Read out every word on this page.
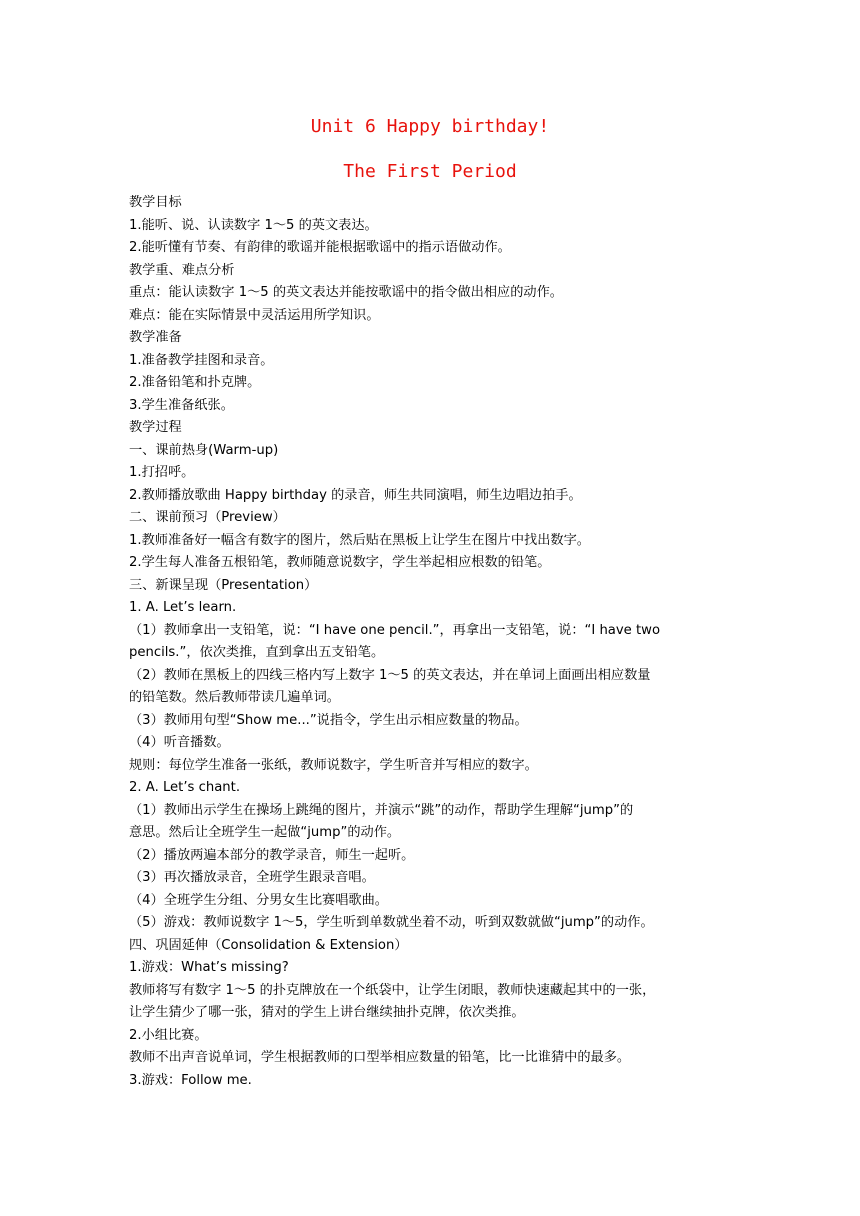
Unit 6 Happy birthday!
The First Period
教学目标
1.能听、说、认读数字 1～5 的英文表达。
2.能听懂有节奏、有韵律的歌谣并能根据歌谣中的指示语做动作。
教学重、难点分析
重点：能认读数字 1～5 的英文表达并能按歌谣中的指令做出相应的动作。
难点：能在实际情景中灵活运用所学知识。
教学准备
1.准备教学挂图和录音。
2.准备铅笔和扑克牌。
3.学生准备纸张。
教学过程
一、课前热身(Warm-up)
1.打招呼。
2.教师播放歌曲 Happy birthday 的录音，师生共同演唱，师生边唱边拍手。
二、课前预习（Preview）
1.教师准备好一幅含有数字的图片，然后贴在黑板上让学生在图片中找出数字。
2.学生每人准备五根铅笔，教师随意说数字，学生举起相应根数的铅笔。
三、新课呈现（Presentation）
1. A. Let’s learn.
（1）教师拿出一支铅笔，说：“I have one pencil.”，再拿出一支铅笔，说：“I have two
pencils.”，依次类推，直到拿出五支铅笔。
（2）教师在黑板上的四线三格内写上数字 1～5 的英文表达，并在单词上面画出相应数量
的铅笔数。然后教师带读几遍单词。
（3）教师用句型“Show me...”说指令，学生出示相应数量的物品。
（4）听音播数。
规则：每位学生准备一张纸，教师说数字，学生听音并写相应的数字。
2. A. Let’s chant.
（1）教师出示学生在操场上跳绳的图片，并演示“跳”的动作，帮助学生理解“jump”的
意思。然后让全班学生一起做“jump”的动作。
（2）播放两遍本部分的教学录音，师生一起听。
（3）再次播放录音，全班学生跟录音唱。
（4）全班学生分组、分男女生比赛唱歌曲。
（5）游戏：教师说数字 1～5，学生听到单数就坐着不动，听到双数就做“jump”的动作。
四、巩固延伸（Consolidation & Extension）
1.游戏：What’s missing?
教师将写有数字 1～5 的扑克牌放在一个纸袋中，让学生闭眼，教师快速藏起其中的一张，
让学生猜少了哪一张，猜对的学生上讲台继续抽扑克牌，依次类推。
2.小组比赛。
教师不出声音说单词，学生根据教师的口型举相应数量的铅笔，比一比谁猜中的最多。
3.游戏：Follow me.
